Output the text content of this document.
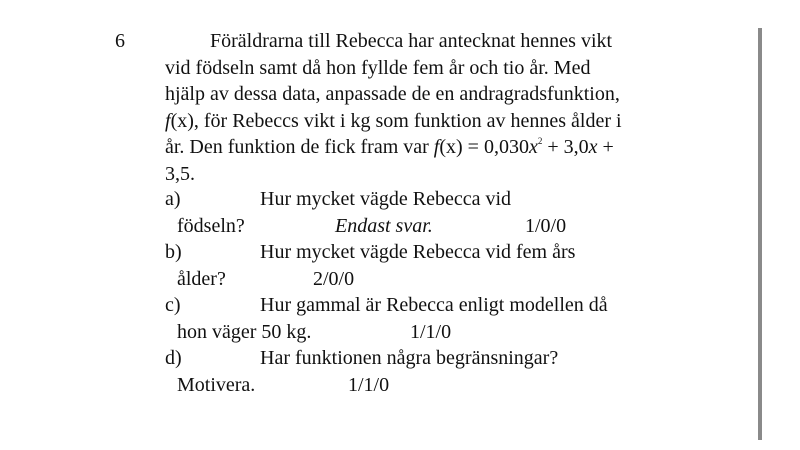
6	Föräldrarna till Rebecca har antecknat hennes vikt
vid födseln samt då hon fyllde fem år och tio år. Med
hjälp av dessa data, anpassade de en andragradsfunktion,
f(x), för Rebeccs vikt i kg som funktion av hennes ålder i
år. Den funktion de fick fram var $f(x) = 0,030x^2 + 3,0x$ +
3,5.
a)	Hur mycket vägde Rebecca vid
födseln?	Endast svar.	1/0/0
b)	Hur mycket vägde Rebecca vid fem års
ålder?	2/0/0
c)	Hur gammal är Rebecca enligt modellen då
hon väger 50 kg.	1/1/0
d)	Har funktionen några begränsningar?
Motivera.	1/1/0
